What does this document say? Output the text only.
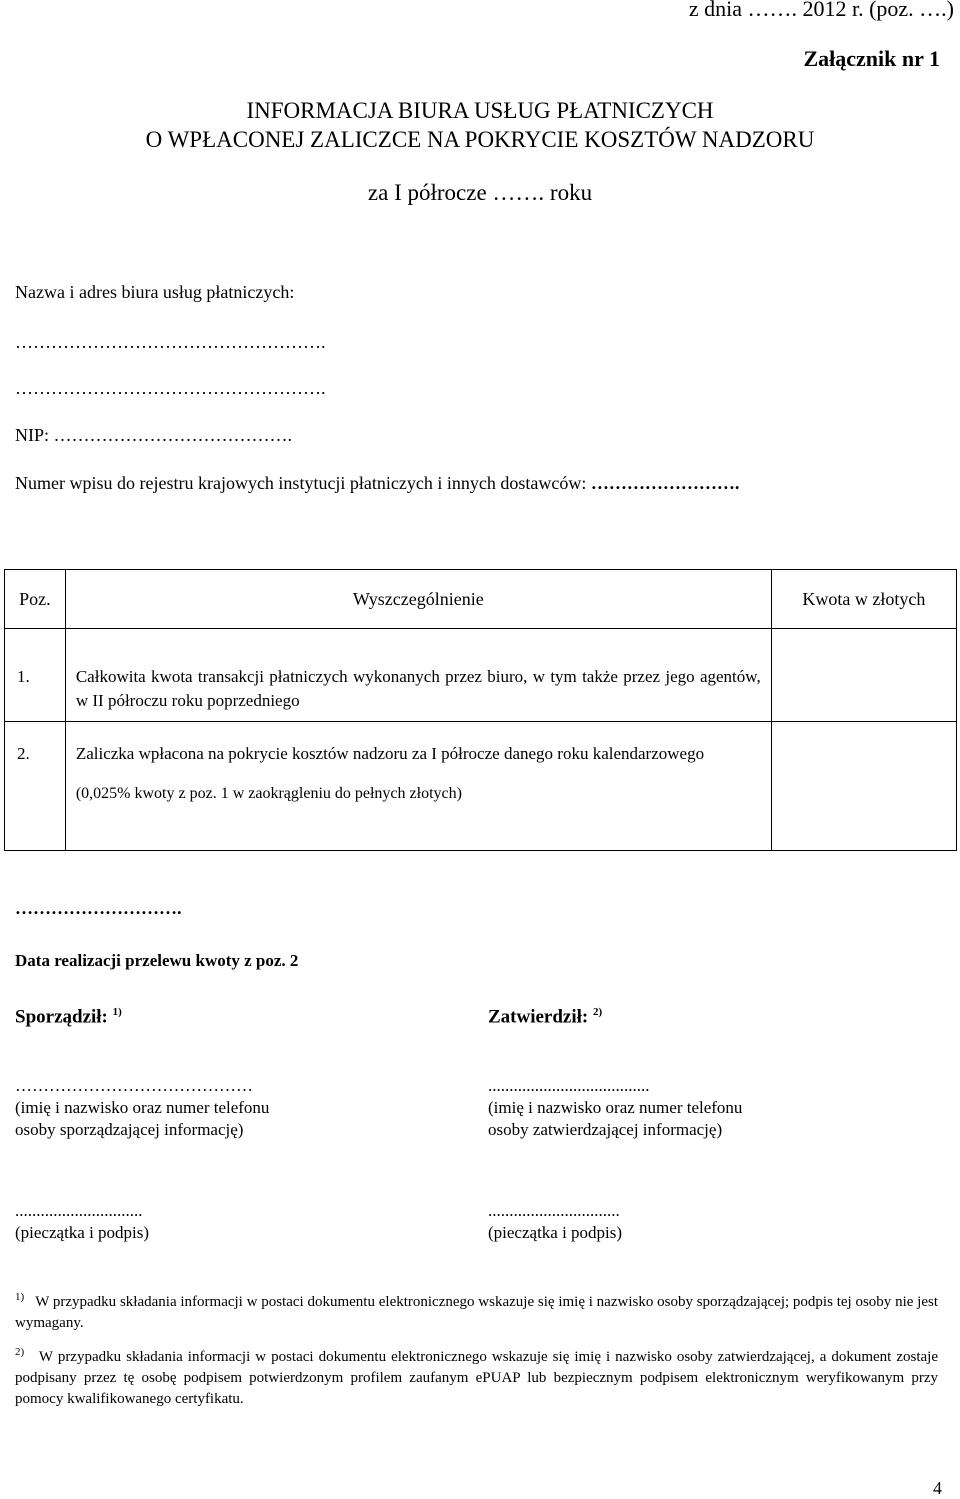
z dnia ……. 2012 r. (poz. ….)
Załącznik nr 1
INFORMACJA BIURA USŁUG PŁATNICZYCH
O WPŁACONEJ ZALICZCE NA POKRYCIE KOSZTÓW NADZORU
za I półrocze ……. roku
Nazwa i adres biura usług płatniczych:
…………………………………………….
…………………………………………….
NIP: ………………………………….
Numer wpisu do rejestru krajowych instytucji płatniczych i innych dostawców: …………………….
Poz.	Wyszczególnienie	Kwota w złotych

1.	Całkowita kwota transakcji płatniczych wykonanych przez biuro, w tym także przez jego agentów, w II półroczu roku poprzedniego	

2.	Zaliczka wpłacona na pokrycie kosztów nadzoru za I półrocze danego roku kalendarzowego
(0,025% kwoty z poz. 1 w zaokrągleniu do pełnych złotych)	

……………………….
Data realizacji przelewu kwoty z poz. 2
Sporządził: $^{1)}$	Zatwierdził: $^{2)}$
……………………………………	......................................
(imię i nazwisko oraz numer telefonu
osoby sporządzającej informację)
(imię i nazwisko oraz numer telefonu
osoby zatwierdzającej informację)
..............................	...............................
(pieczątka i podpis)	(pieczątka i podpis)
$^{1)}$ W przypadku składania informacji w postaci dokumentu elektronicznego wskazuje się imię i nazwisko osoby sporządzającej; podpis tej osoby nie jest wymagany.
$^{2)}$ W przypadku składania informacji w postaci dokumentu elektronicznego wskazuje się imię i nazwisko osoby zatwierdzającej, a dokument zostaje podpisany przez tę osobę podpisem potwierdzonym profilem zaufanym ePUAP lub bezpiecznym podpisem elektronicznym weryfikowanym przy pomocy kwalifikowanego certyfikatu.
4
